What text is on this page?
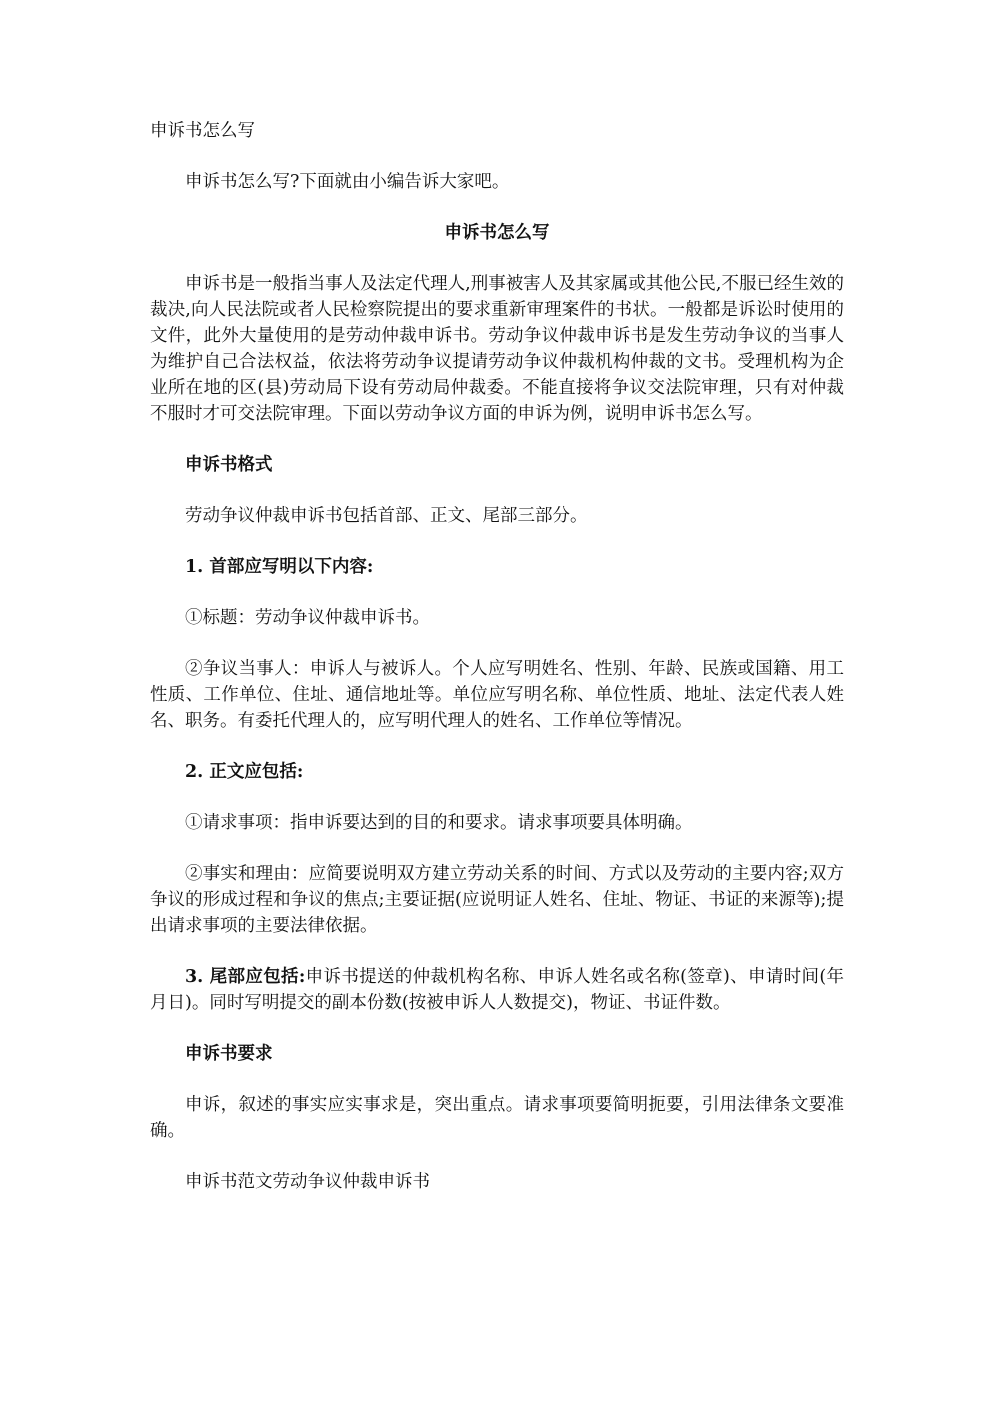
申诉书怎么写

申诉书怎么写?下面就由小编告诉大家吧。

申诉书怎么写

申诉书是一般指当事人及法定代理人,刑事被害人及其家属或其他公民,不服已经生效的裁决,向人民法院或者人民检察院提出的要求重新审理案件的书状。一般都是诉讼时使用的文件，此外大量使用的是劳动仲裁申诉书。劳动争议仲裁申诉书是发生劳动争议的当事人为维护自己合法权益，依法将劳动争议提请劳动争议仲裁机构仲裁的文书。受理机构为企业所在地的区(县)劳动局下设有劳动局仲裁委。不能直接将争议交法院审理，只有对仲裁不服时才可交法院审理。下面以劳动争议方面的申诉为例，说明申诉书怎么写。

申诉书格式

劳动争议仲裁申诉书包括首部、正文、尾部三部分。

1. 首部应写明以下内容:

①标题：劳动争议仲裁申诉书。

②争议当事人：申诉人与被诉人。个人应写明姓名、性别、年龄、民族或国籍、用工性质、工作单位、住址、通信地址等。单位应写明名称、单位性质、地址、法定代表人姓名、职务。有委托代理人的，应写明代理人的姓名、工作单位等情况。

2. 正文应包括:

①请求事项：指申诉要达到的目的和要求。请求事项要具体明确。

②事实和理由：应简要说明双方建立劳动关系的时间、方式以及劳动的主要内容;双方争议的形成过程和争议的焦点;主要证据(应说明证人姓名、住址、物证、书证的来源等);提出请求事项的主要法律依据。

3. 尾部应包括:申诉书提送的仲裁机构名称、申诉人姓名或名称(签章)、申请时间(年月日)。同时写明提交的副本份数(按被申诉人人数提交)，物证、书证件数。

申诉书要求

申诉，叙述的事实应实事求是，突出重点。请求事项要简明扼要，引用法律条文要准确。

申诉书范文劳动争议仲裁申诉书
